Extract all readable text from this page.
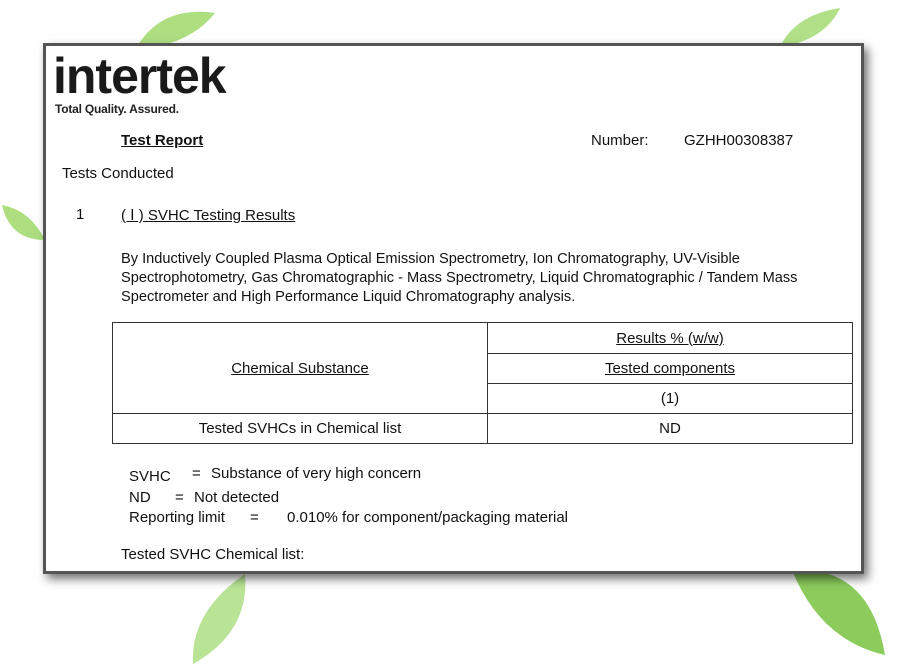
intertek
Total Quality. Assured.
Test Report	Number: GZHH00308387
Tests Conducted
1 ( Ⅰ ) SVHC Testing Results
By Inductively Coupled Plasma Optical Emission Spectrometry, Ion Chromatography, UV-Visible Spectrophotometry, Gas Chromatographic - Mass Spectrometry, Liquid Chromatographic / Tandem Mass Spectrometer and High Performance Liquid Chromatography analysis.
Chemical Substance	Results % (w/w)
	Tested components
	(1)
Tested SVHCs in Chemical list	ND
SVHC = Substance of very high concern
ND = Not detected
Reporting limit = 0.010% for component/packaging material
Tested SVHC Chemical list:
